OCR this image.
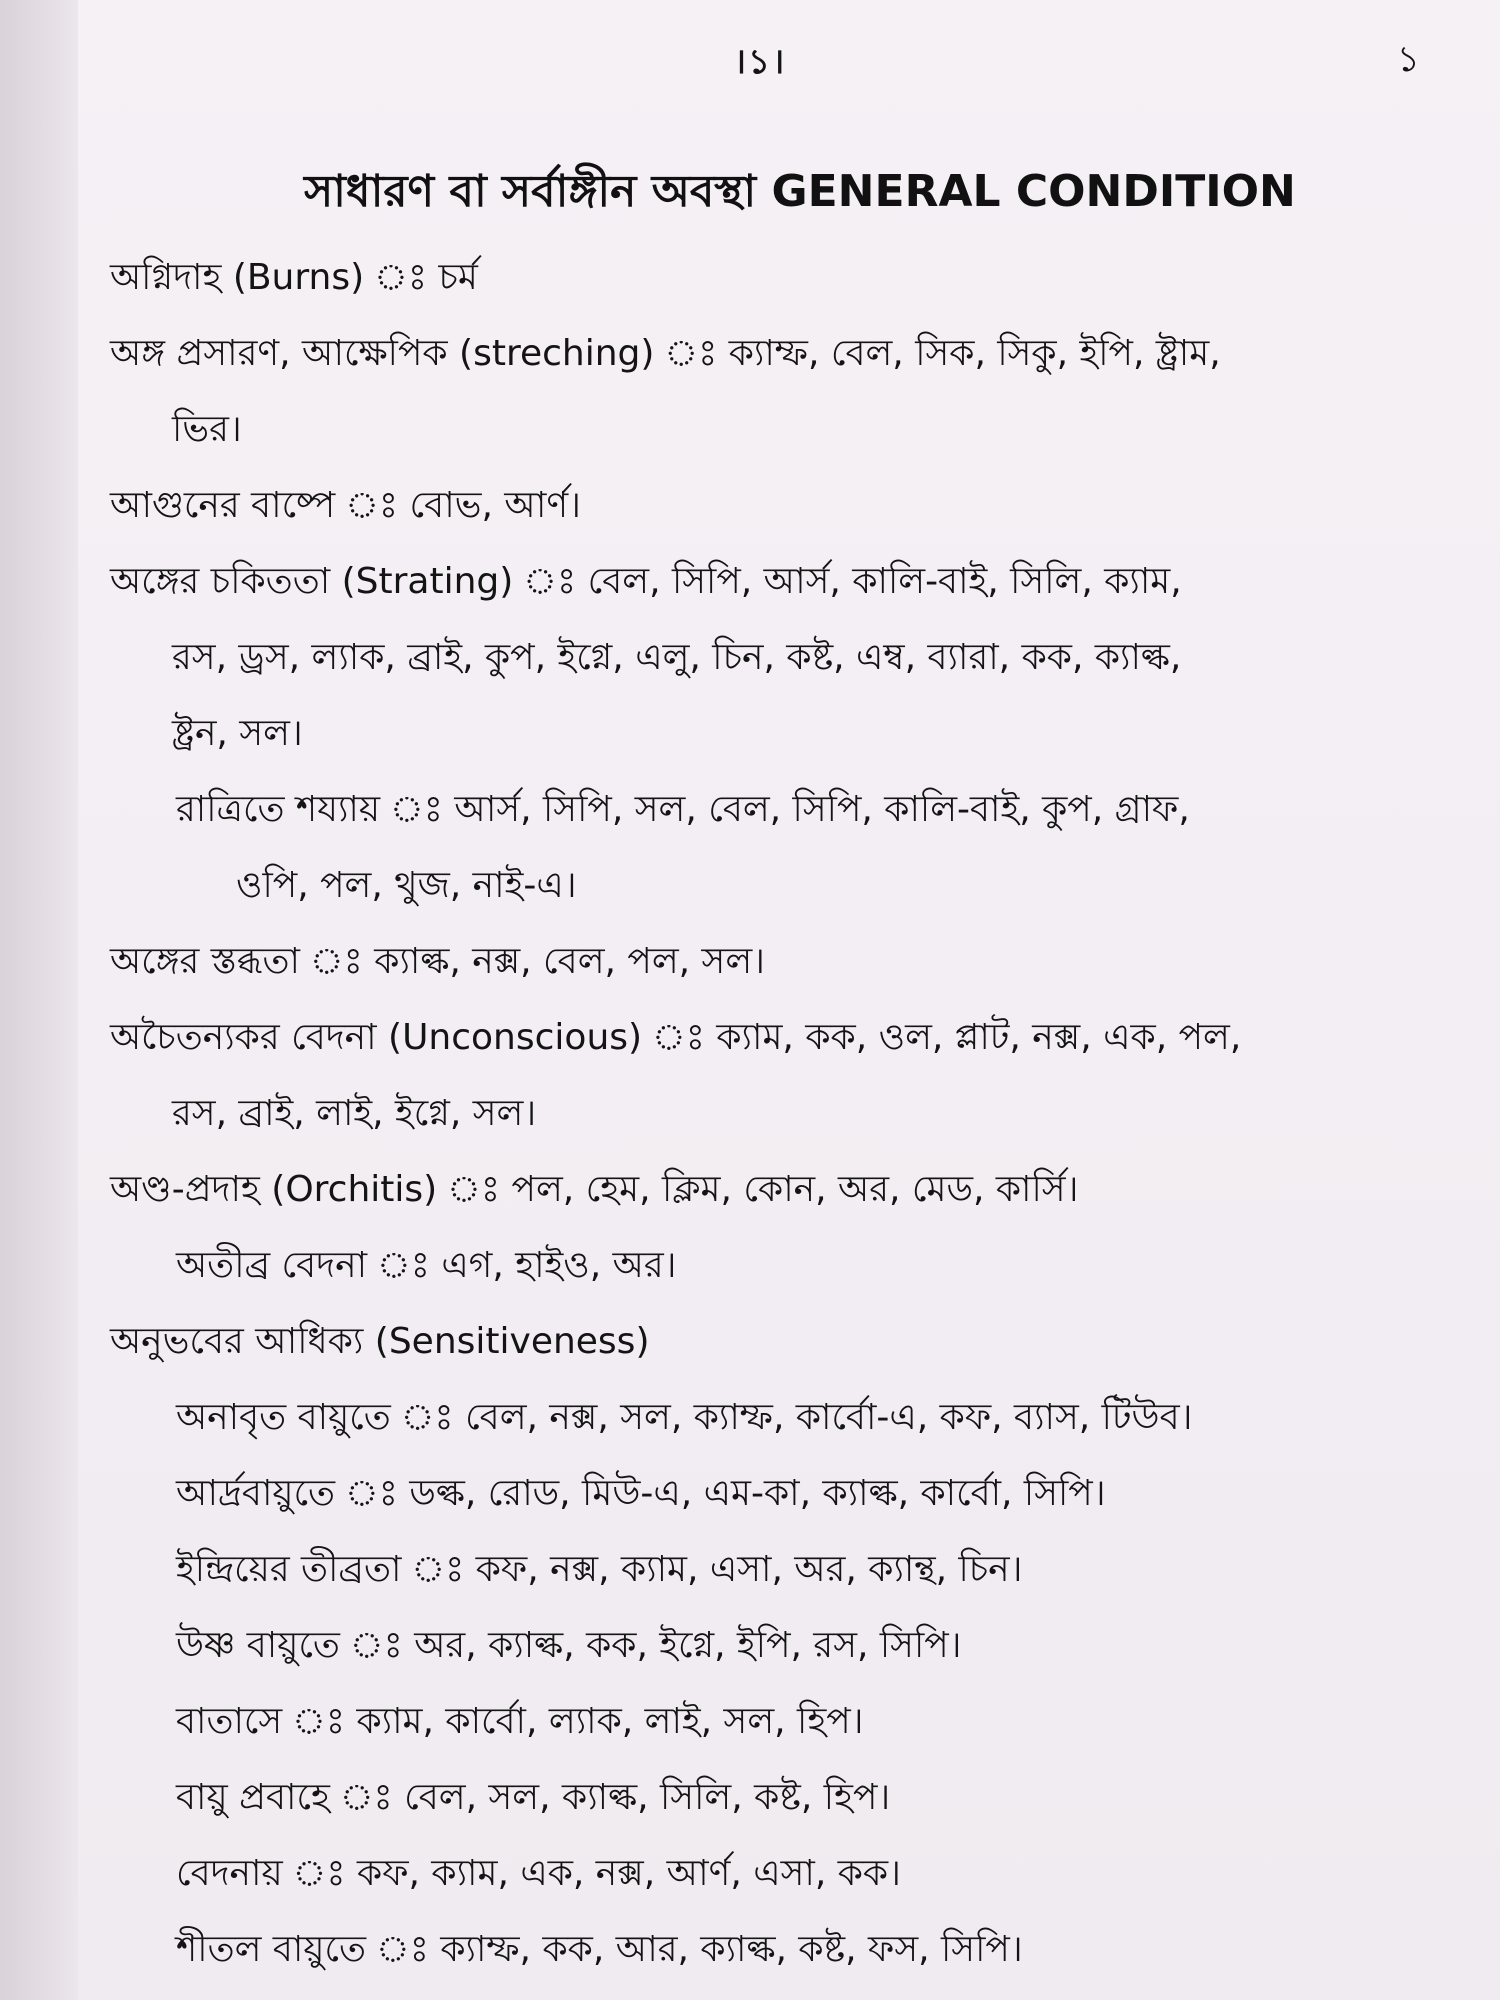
।১।	১
সাধারণ বা সর্বাঙ্গীন অবস্থা GENERAL CONDITION

অগ্নিদাহ (Burns) ঃ চর্ম

অঙ্গ প্রসারণ, আক্ষেপিক (streching) ঃ ক্যাম্ফ, বেল, সিক, সিকু, ইপি, ষ্ট্রাম,
ভির।

আগুনের বাষ্পে ঃ বোভ, আর্ণ।

অঙ্গের চকিততা (Strating) ঃ বেল, সিপি, আর্স, কালি-বাই, সিলি, ক্যাম,
রস, ড্রস, ল্যাক, ব্রাই, কুপ, ইগ্নে, এলু, চিন, কষ্ট, এম্ব, ব্যারা, কক, ক্যাল্ক,
ষ্ট্রন, সল।

রাত্রিতে শয্যায় ঃ আর্স, সিপি, সল, বেল, সিপি, কালি-বাই, কুপ, গ্রাফ,
ওপি, পল, থুজ, নাই-এ।

অঙ্গের স্তব্ধতা ঃ ক্যাল্ক, নক্স, বেল, পল, সল।

অচৈতন্যকর বেদনা (Unconscious) ঃ ক্যাম, কক, ওল, প্লাট, নক্স, এক, পল,
রস, ব্রাই, লাই, ইগ্নে, সল।

অণ্ড-প্রদাহ (Orchitis) ঃ পল, হেম, ক্লিম, কোন, অর, মেড, কার্সি।

অতীব্র বেদনা ঃ এগ, হাইও, অর।

অনুভবের আধিক্য (Sensitiveness)

অনাবৃত বায়ুতে ঃ বেল, নক্স, সল, ক্যাম্ফ, কার্বো-এ, কফ, ব্যাস, টিউব।

আর্দ্রবায়ুতে ঃ ডল্ক, রোড, মিউ-এ, এম-কা, ক্যাল্ক, কার্বো, সিপি।

ইন্দ্রিয়ের তীব্রতা ঃ কফ, নক্স, ক্যাম, এসা, অর, ক্যান্থ, চিন।

উষ্ণ বায়ুতে ঃ অর, ক্যাল্ক, কক, ইগ্নে, ইপি, রস, সিপি।

বাতাসে ঃ ক্যাম, কার্বো, ল্যাক, লাই, সল, হিপ।

বায়ু প্রবাহে ঃ বেল, সল, ক্যাল্ক, সিলি, কষ্ট, হিপ।

বেদনায় ঃ কফ, ক্যাম, এক, নক্স, আর্ণ, এসা, কক।

শীতল বায়ুতে ঃ ক্যাম্ফ, কক, আর, ক্যাল্ক, কষ্ট, ফস, সিপি।
